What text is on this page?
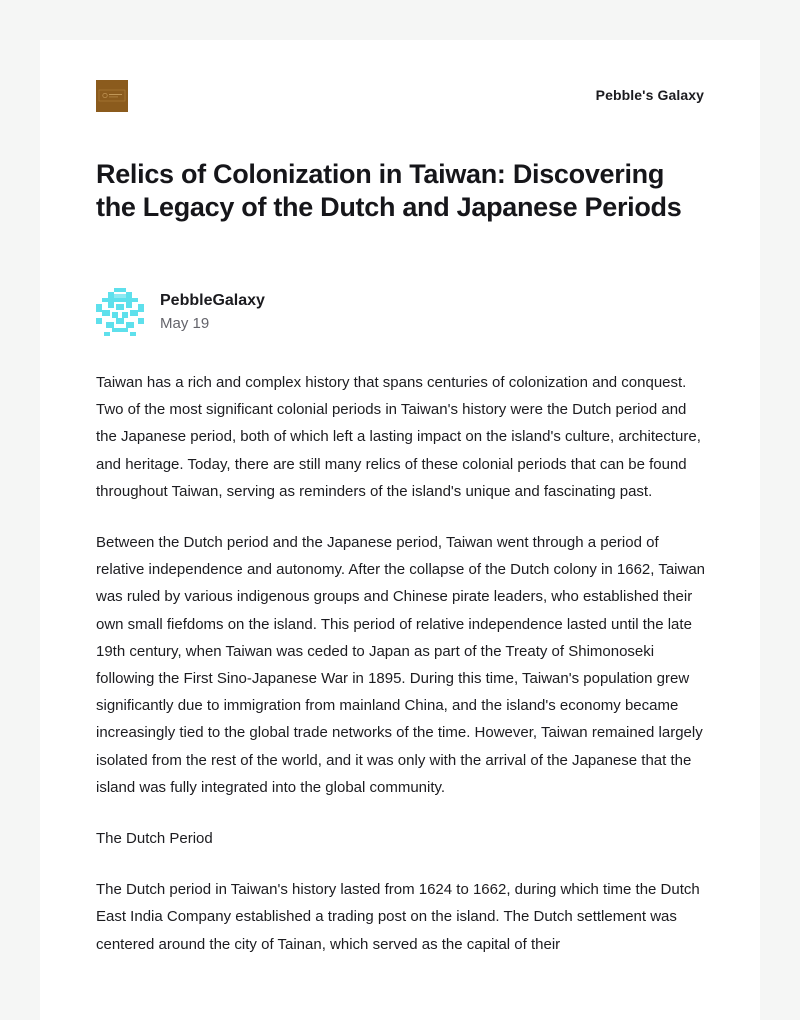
Pebble's Galaxy
Relics of Colonization in Taiwan: Discovering the Legacy of the Dutch and Japanese Periods
PebbleGalaxy
May 19

Taiwan has a rich and complex history that spans centuries of colonization and conquest. Two of the most significant colonial periods in Taiwan's history were the Dutch period and the Japanese period, both of which left a lasting impact on the island's culture, architecture, and heritage. Today, there are still many relics of these colonial periods that can be found throughout Taiwan, serving as reminders of the island's unique and fascinating past.

Between the Dutch period and the Japanese period, Taiwan went through a period of relative independence and autonomy. After the collapse of the Dutch colony in 1662, Taiwan was ruled by various indigenous groups and Chinese pirate leaders, who established their own small fiefdoms on the island. This period of relative independence lasted until the late 19th century, when Taiwan was ceded to Japan as part of the Treaty of Shimonoseki following the First Sino-Japanese War in 1895. During this time, Taiwan's population grew significantly due to immigration from mainland China, and the island's economy became increasingly tied to the global trade networks of the time. However, Taiwan remained largely isolated from the rest of the world, and it was only with the arrival of the Japanese that the island was fully integrated into the global community.

The Dutch Period

The Dutch period in Taiwan's history lasted from 1624 to 1662, during which time the Dutch East India Company established a trading post on the island. The Dutch settlement was centered around the city of Tainan, which served as the capital of their
